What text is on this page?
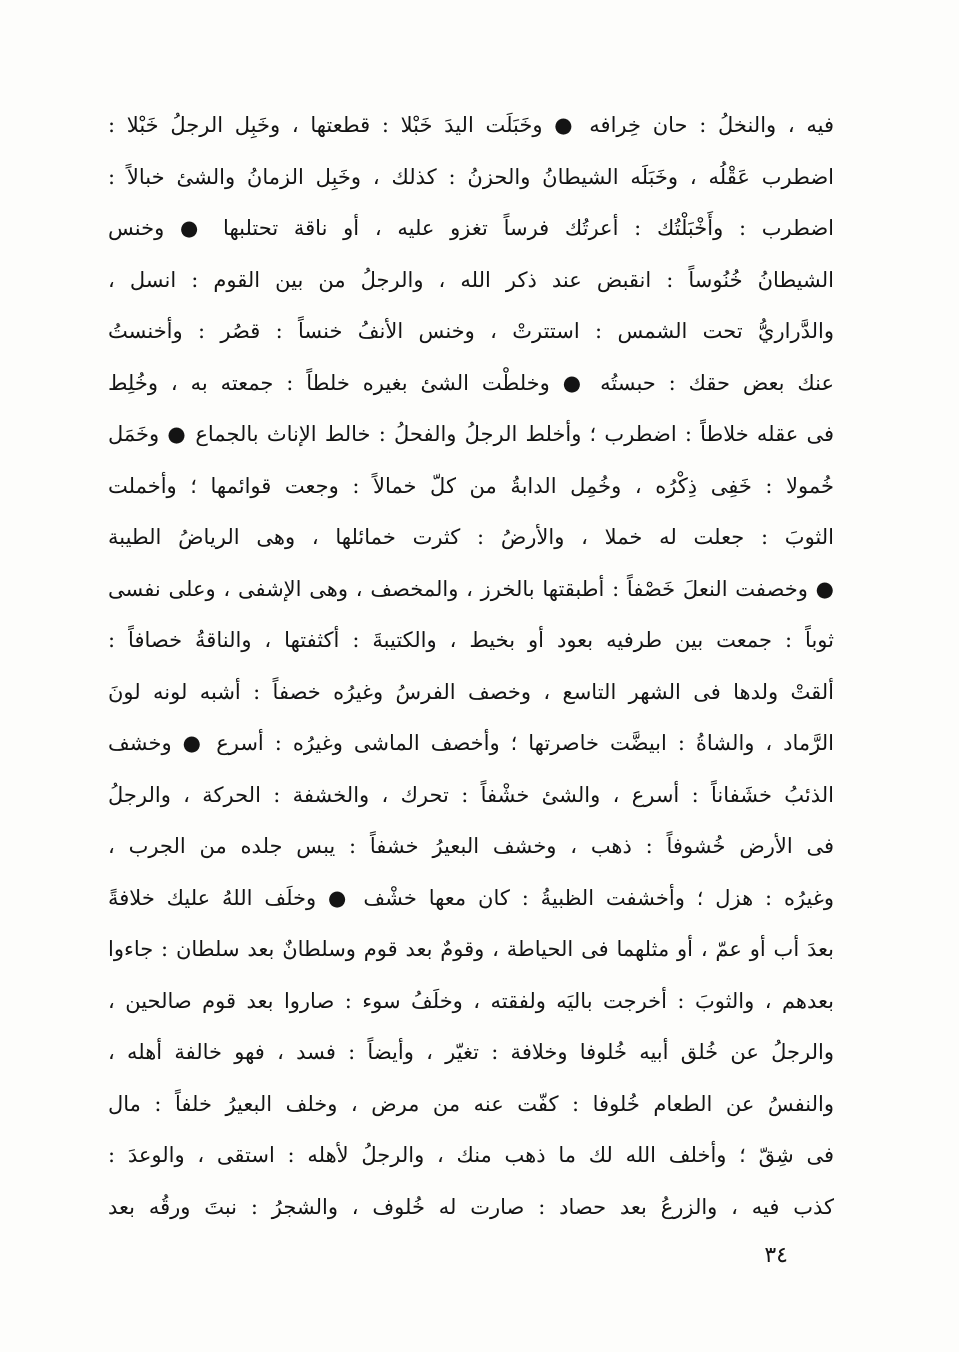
فيه ، والنخلُ : حان خِرافه ● وخَبَلَت اليدَ خَبْلا : قطعتها ، وخَبِل الرجلُ خَبْلا :
اضطرب عَقْلُه ، وخَبَلَه الشيطانُ والحزنُ : كذلك ، وخَبِل الزمانُ والشئ خبالاً :
اضطرب : وأَخْبَلْتُك : أعرتُك فرساً تغزو عليه ، أو ناقة تحتلبها ● وخنس
الشيطانُ خُنُوساً : انقبض عند ذكر الله ، والرجلُ من بين القوم : انسل ،
والدَّراريُّ تحت الشمس : استترتْ ، وخنس الأنفُ خنساً : قصُر : وأخنستُ
عنك بعض حقك : حبستُه ● وخلطْت الشئ بغيره خلطاً : جمعته به ، وخُلِط
فى عقله خلاطاً : اضطرب ؛ وأخلط الرجلُ والفحلُ : خالط الإناث بالجماع ● وخَمَل
خُمولا : خَفِى ذِكْرُه ، وخُمِل الدابةُ من كلّ خمالاً : وجعت قوائمها ؛ وأخملت
الثوبَ : جعلت له خملا ، والأرضُ : كثرت خمائلها ، وهى الرياضُ الطيبة
● وخصفت النعلَ خَصْفاً : أطبقتها بالخرز ، والمخصف ، وهى الإشفى ، وعلى نفسى
ثوباً : جمعت بين طرفيه بعود أو بخيط ، والكتيبةَ : أكثفتها ، والناقةُ خصافاً :
ألقتْ ولدها فى الشهر التاسع ، وخصف الفرسُ وغيرُه خصفاً : أشبه لونه لونَ
الرَّماد ، والشاةُ : ابيضَّت خاصرتها ؛ وأخصف الماشى وغيرُه : أسرع ● وخشف
الذئبُ خشَفاناً : أسرع ، والشئ خشْفاً : تحرك ، والخشفة : الحركة ، والرجلُ
فى الأرض خُشوفاً : ذهب ، وخشف البعيرُ خشفاً : يبس جلده من الجرب ،
وغيرُه : هزل ؛ وأخشفت الظبيةُ : كان معها خشْف ● وخلَف اللهُ عليك خلافةً
بعدَ أب أو عمّ ، أو مثلهما فى الحياطة ، وقومٌ بعد قوم وسلطانٌ بعد سلطان : جاءوا
بعدهم ، والثوبَ : أخرجت باليَه ولفقته ، وخلَفُ سوء : صاروا بعد قوم صالحين ،
والرجلُ عن خُلق أبيه خُلوفا وخلافة : تغيّر ، وأيضاً : فسد ، فهو خالفة أهله ،
والنفسُ عن الطعام خُلوفا : كفّت عنه من مرض ، وخلف البعيرُ خلفاً : مال
فى شِقّ ؛ وأخلف الله لك ما ذهب منك ، والرجلُ لأهله : استقى ، والوعدَ :
كذب فيه ، والزرعُ بعد حصاد : صارت له خُلوف ، والشجرُ : نبتَ ورقُه بعد
٣٤
